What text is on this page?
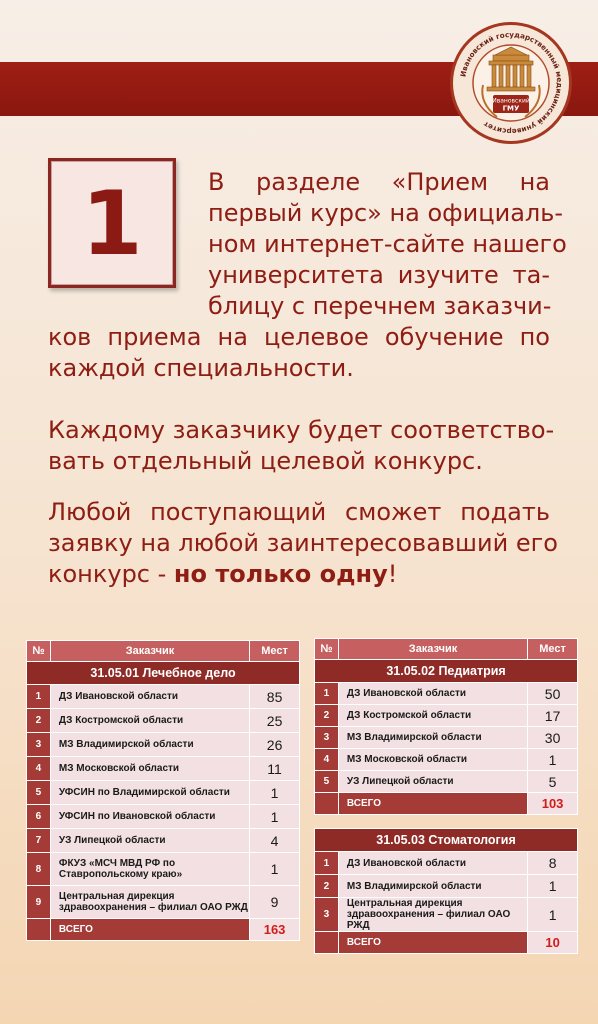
Ивановский государственный медицинский университет
Ивановский
ГМУ
1	В разделе «Прием на
первый курс» на официаль-
ном интернет-сайте нашего
университета изучите та-
блицу с перечнем заказчи-
ков приема на целевое обучение по
каждой специальности.
Каждому заказчику будет соответство-
вать отдельный целевой конкурс.
Любой поступающий сможет подать
заявку на любой заинтересовавший его
конкурс - но только одну!
№	Заказчик	Мест
31.05.01 Лечебное дело		
1	ДЗ Ивановской области	85
2	ДЗ Костромской области	25
3	МЗ Владимирской области	26
4	МЗ Московской области	11
5	УФСИН по Владимирской области	1
6	УФСИН по Ивановской области	1
7	УЗ Липецкой области	4
8	ФКУЗ «МСЧ МВД РФ по Ставропольскому краю»	1
9	Центральная дирекция здравоохранения – филиал ОАО РЖД	9
	ВСЕГО	163
№	Заказчик	Мест
31.05.02 Педиатрия		
1	ДЗ Ивановской области	50
2	ДЗ Костромской области	17
3	МЗ Владимирской области	30
4	МЗ Московской области	1
5	УЗ Липецкой области	5
	ВСЕГО	103
31.05.03 Стоматология		
1	ДЗ Ивановской области	8
2	МЗ Владимирской области	1
3	Центральная дирекция здравоохранения – филиал ОАО РЖД	1
	ВСЕГО	10
